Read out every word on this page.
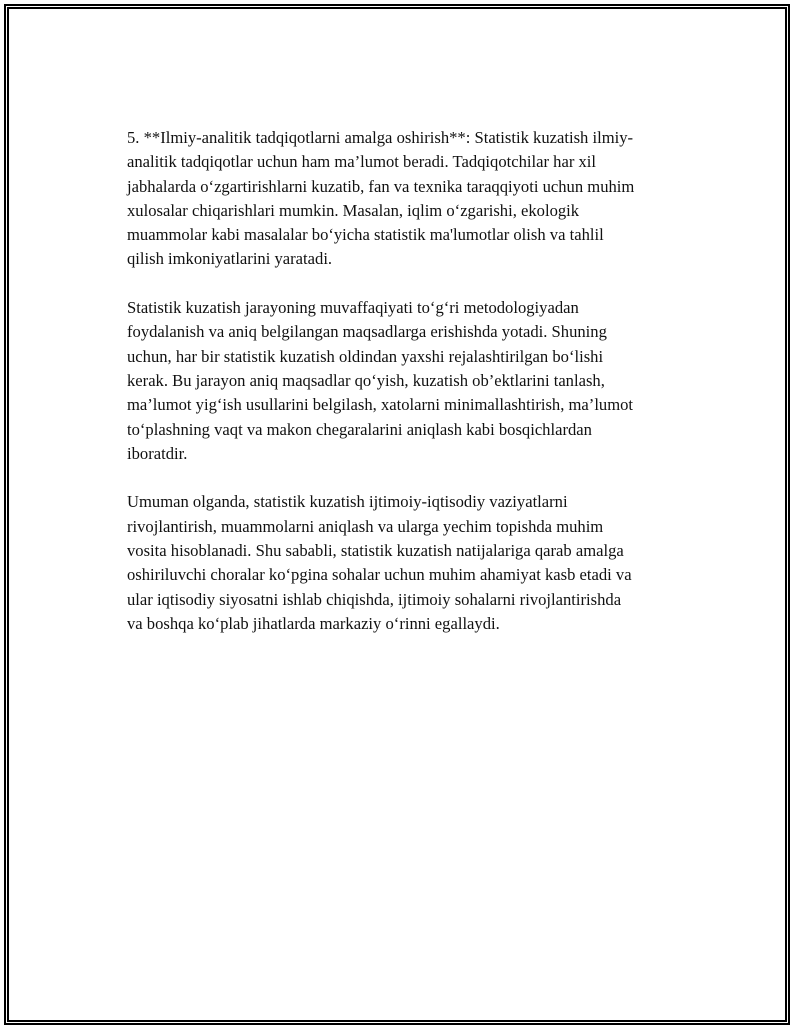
5. **Ilmiy-analitik tadqiqotlarni amalga oshirish**: Statistik kuzatish ilmiy-
analitik tadqiqotlar uchun ham ma’lumot beradi. Tadqiqotchilar har xil
jabhalarda o‘zgartirishlarni kuzatib, fan va texnika taraqqiyoti uchun muhim
xulosalar chiqarishlari mumkin. Masalan, iqlim o‘zgarishi, ekologik
muammolar kabi masalalar bo‘yicha statistik ma'lumotlar olish va tahlil
qilish imkoniyatlarini yaratadi.

Statistik kuzatish jarayoning muvaffaqiyati to‘g‘ri metodologiyadan
foydalanish va aniq belgilangan maqsadlarga erishishda yotadi. Shuning
uchun, har bir statistik kuzatish oldindan yaxshi rejalashtirilgan bo‘lishi
kerak. Bu jarayon aniq maqsadlar qo‘yish, kuzatish ob’ektlarini tanlash,
ma’lumot yig‘ish usullarini belgilash, xatolarni minimallashtirish, ma’lumot
to‘plashning vaqt va makon chegaralarini aniqlash kabi bosqichlardan
iboratdir.

Umuman olganda, statistik kuzatish ijtimoiy-iqtisodiy vaziyatlarni
rivojlantirish, muammolarni aniqlash va ularga yechim topishda muhim
vosita hisoblanadi. Shu sababli, statistik kuzatish natijalariga qarab amalga
oshiriluvchi choralar ko‘pgina sohalar uchun muhim ahamiyat kasb etadi va
ular iqtisodiy siyosatni ishlab chiqishda, ijtimoiy sohalarni rivojlantirishda
va boshqa ko‘plab jihatlarda markaziy o‘rinni egallaydi.
